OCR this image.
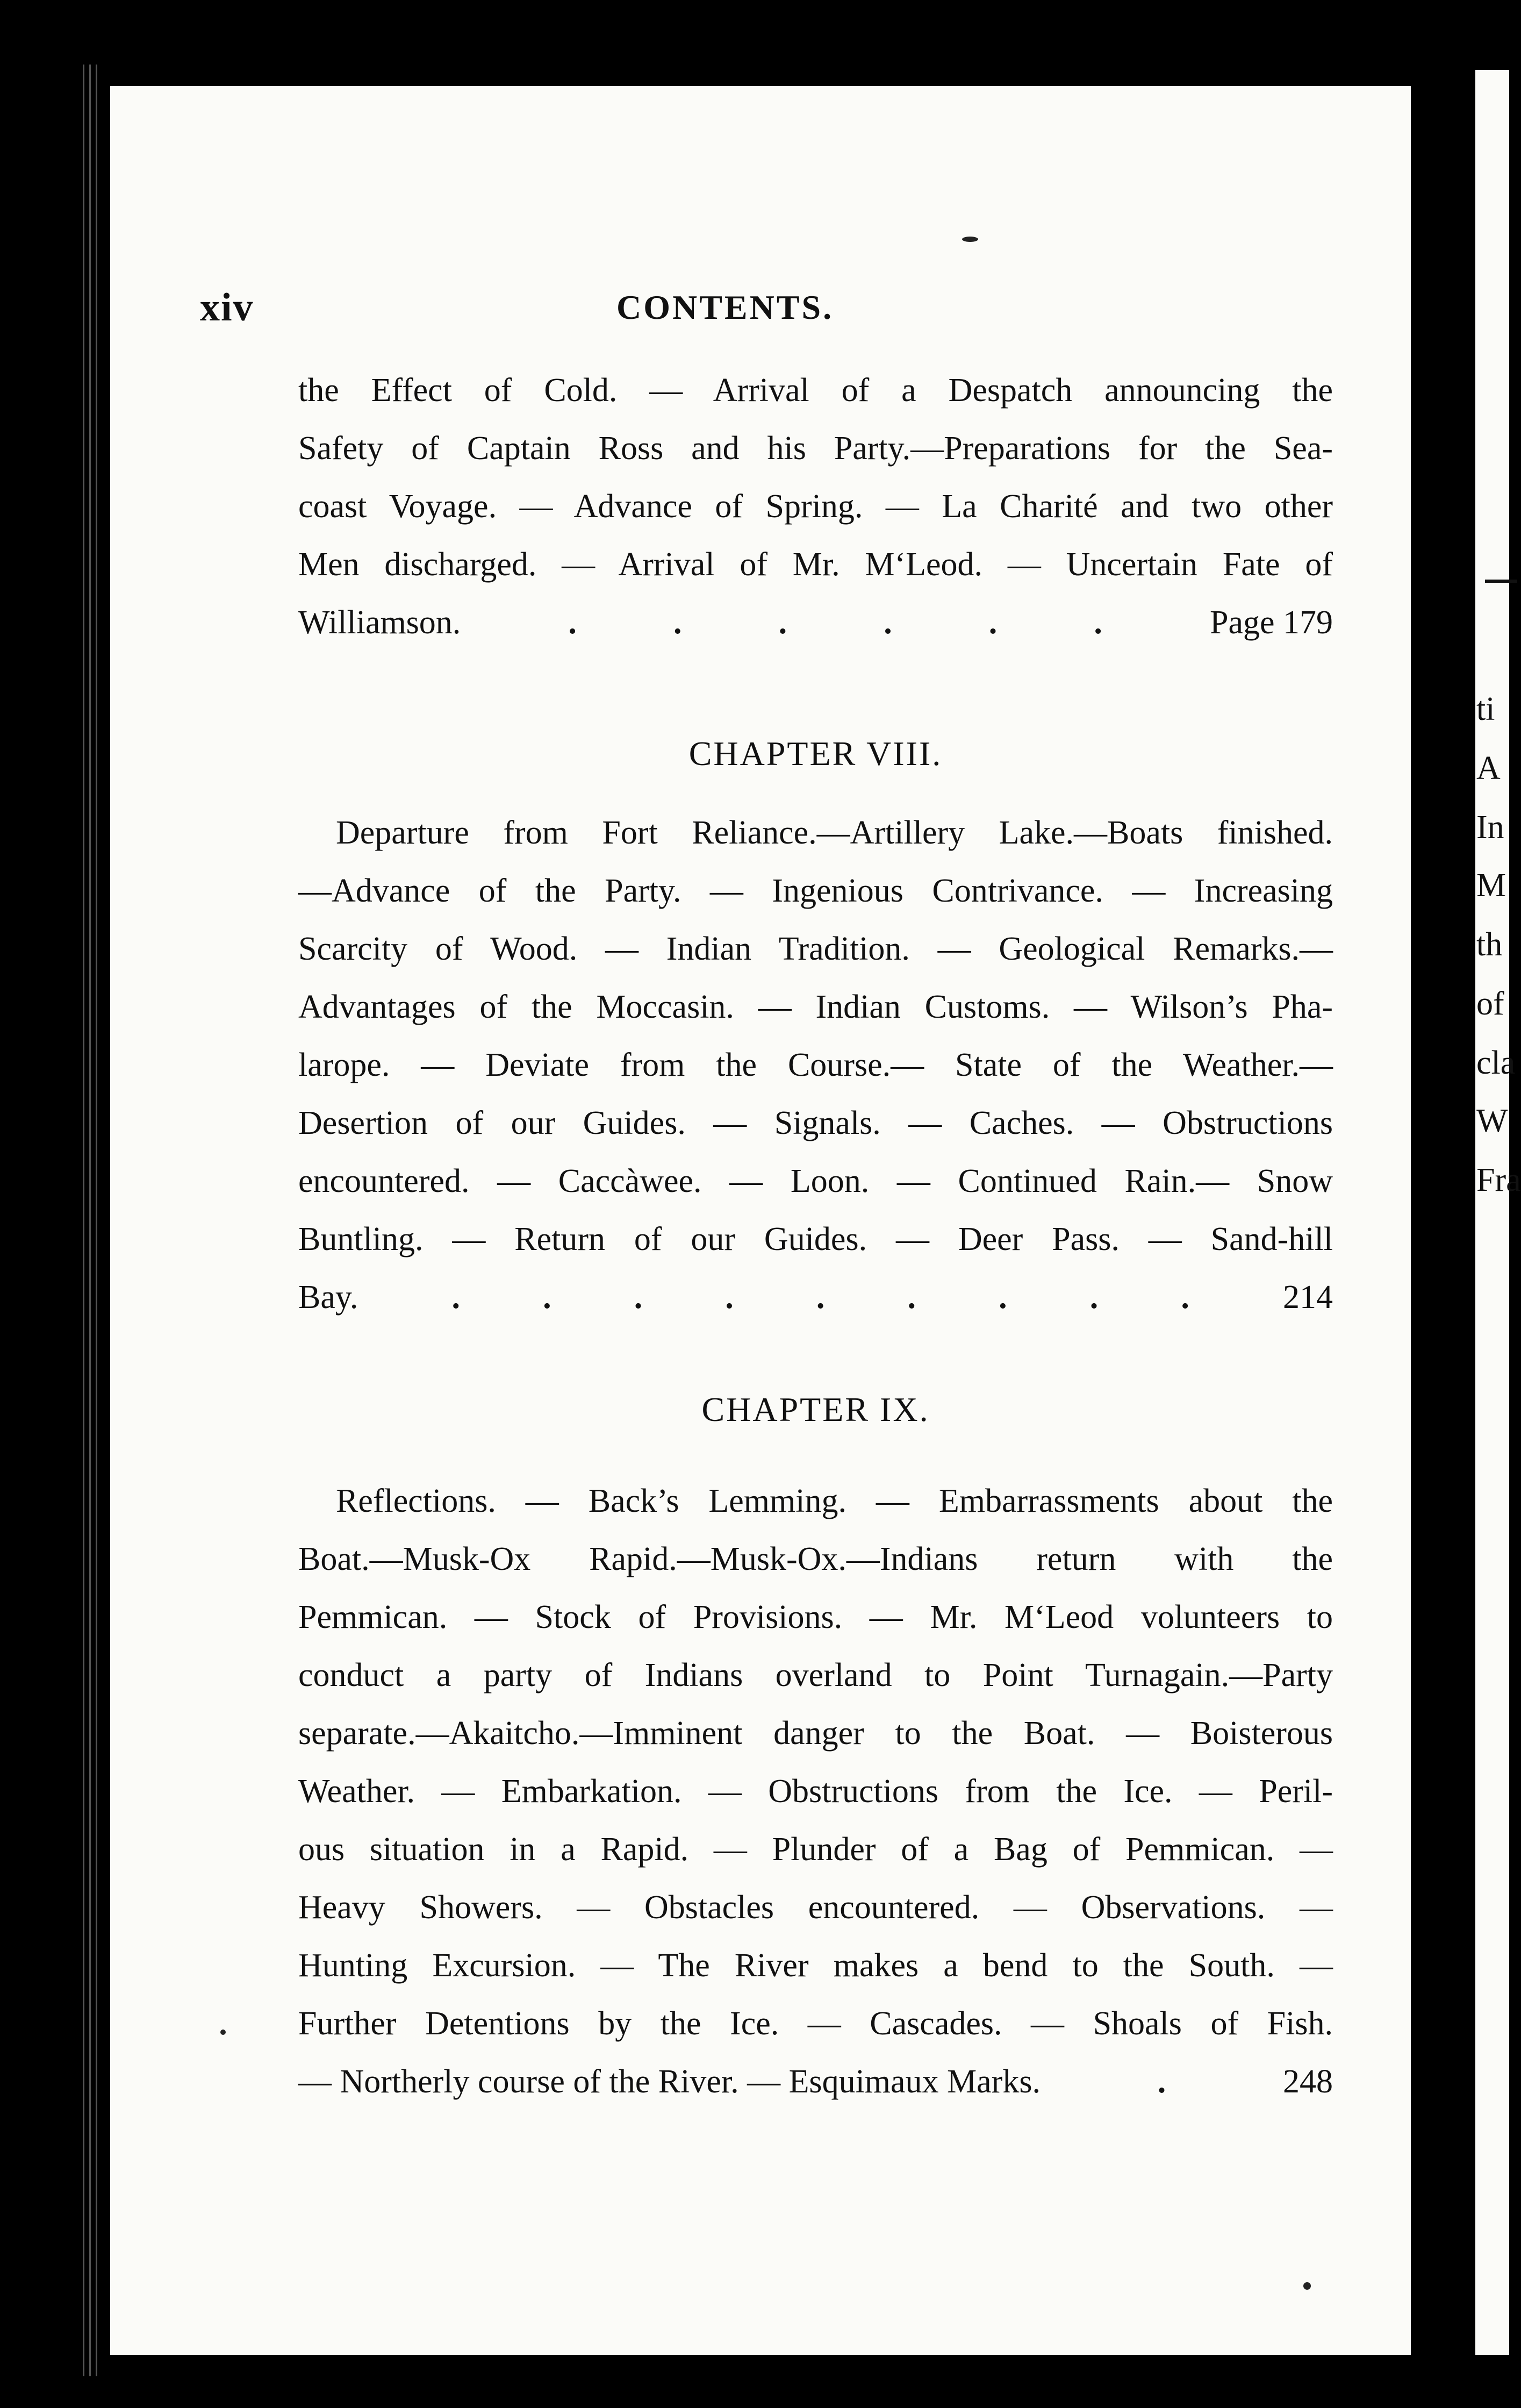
ti
A
In
M
th
of
cla
W
Fra
xiv	CONTENTS.
the Effect of Cold. — Arrival of a Despatch announcing the
Safety of Captain Ross and his Party.—Preparations for the Sea-
coast Voyage. — Advance of Spring. — La Charité and two other
Men discharged. — Arrival of Mr. M‘Leod. — Uncertain Fate of
Williamson.	.	.	.	.	.	.	Page 179
CHAPTER VIII.
Departure from Fort Reliance.—Artillery Lake.—Boats finished.
—Advance of the Party. — Ingenious Contrivance. — Increasing
Scarcity of Wood. — Indian Tradition. — Geological Remarks.—
Advantages of the Moccasin. — Indian Customs. — Wilson’s Pha-
larope. — Deviate from the Course.— State of the Weather.—
Desertion of our Guides. — Signals. — Caches. — Obstructions
encountered. — Caccàwee. — Loon. — Continued Rain.— Snow
Buntling. — Return of our Guides. — Deer Pass. — Sand-hill
Bay.	. . . . . . . . .	214
CHAPTER IX.
Reflections. — Back’s Lemming. — Embarrassments about the
Boat.—Musk-Ox Rapid.—Musk-Ox.—Indians return with the
Pemmican. — Stock of Provisions. — Mr. M‘Leod volunteers to
conduct a party of Indians overland to Point Turnagain.—Party
separate.—Akaitcho.—Imminent danger to the Boat. — Boisterous
Weather. — Embarkation. — Obstructions from the Ice. — Peril-
ous situation in a Rapid. — Plunder of a Bag of Pemmican. —
Heavy Showers. — Obstacles encountered. — Observations. —
Hunting Excursion. — The River makes a bend to the South. —
Further Detentions by the Ice. — Cascades. — Shoals of Fish.
— Northerly course of the River. — Esquimaux Marks.	.	248
